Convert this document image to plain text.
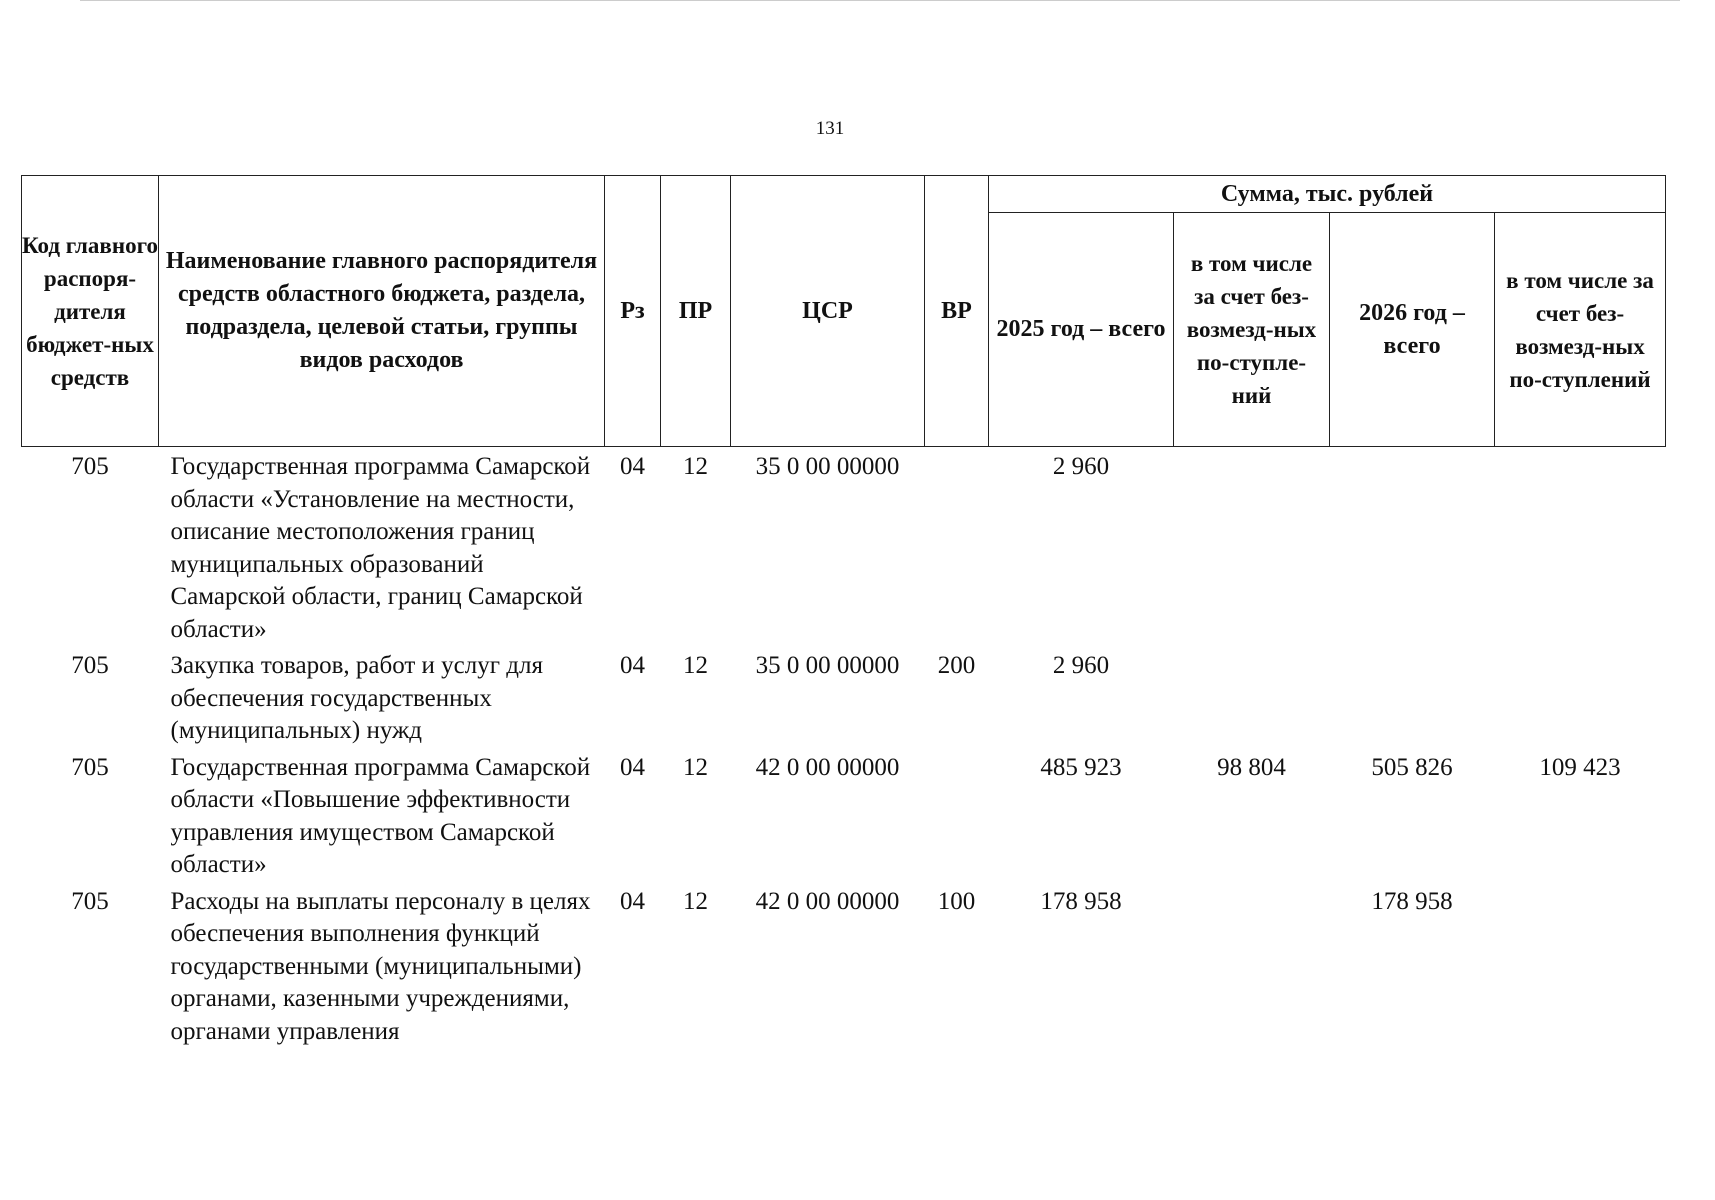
131
Код главного распоря-дителя бюджет-ных средств	Наименование главного распорядителя средств областного бюджета, раздела, подраздела, целевой статьи, группы видов расходов	Рз	ПР	ЦСР	ВР	Сумма, тыс. рублей			
						2025 год – всего	в том числе за счет без-возмезд-ных по-ступле-ний	2026 год – всего	в том числе за счет без-возмезд-ных по-ступлений
705	Государственная программа Самарской области «Установление на местности, описание местоположения границ муниципальных образований Самарской области, границ Самарской области»	04	12	35 0 00 00000		2 960			
705	Закупка товаров, работ и услуг для обеспечения государственных (муниципальных) нужд	04	12	35 0 00 00000	200	2 960			
705	Государственная программа Самарской области «Повышение эффективности управления имуществом Самарской области»	04	12	42 0 00 00000		485 923	98 804	505 826	109 423
705	Расходы на выплаты персоналу в целях обеспечения выполнения функций государственными (муниципальными) органами, казенными учреждениями, органами управления	04	12	42 0 00 00000	100	178 958		178 958	
